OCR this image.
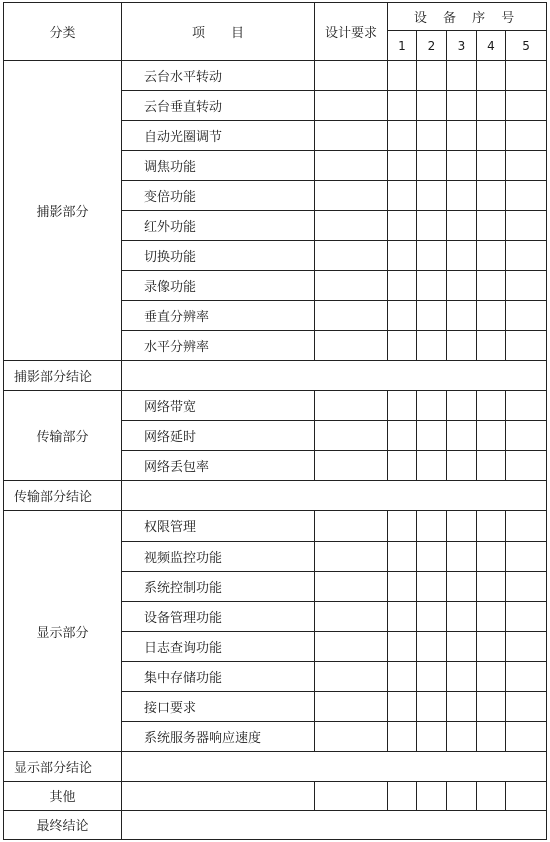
分类	项　　目	设计要求	设 备 序 号				
			1	2	3	4	5
捕影部分	云台水平转动						
	云台垂直转动						
	自动光圈调节						
	调焦功能						
	变倍功能						
	红外功能						
	切换功能						
	录像功能						
	垂直分辨率						
	水平分辨率						
捕影部分结论							
传输部分	网络带宽						
	网络延时						
	网络丢包率						
传输部分结论							
显示部分	权限管理						
	视频监控功能						
	系统控制功能						
	设备管理功能						
	日志查询功能						
	集中存储功能						
	接口要求						
	系统服务器响应速度						
显示部分结论							
其他							
最终结论							
